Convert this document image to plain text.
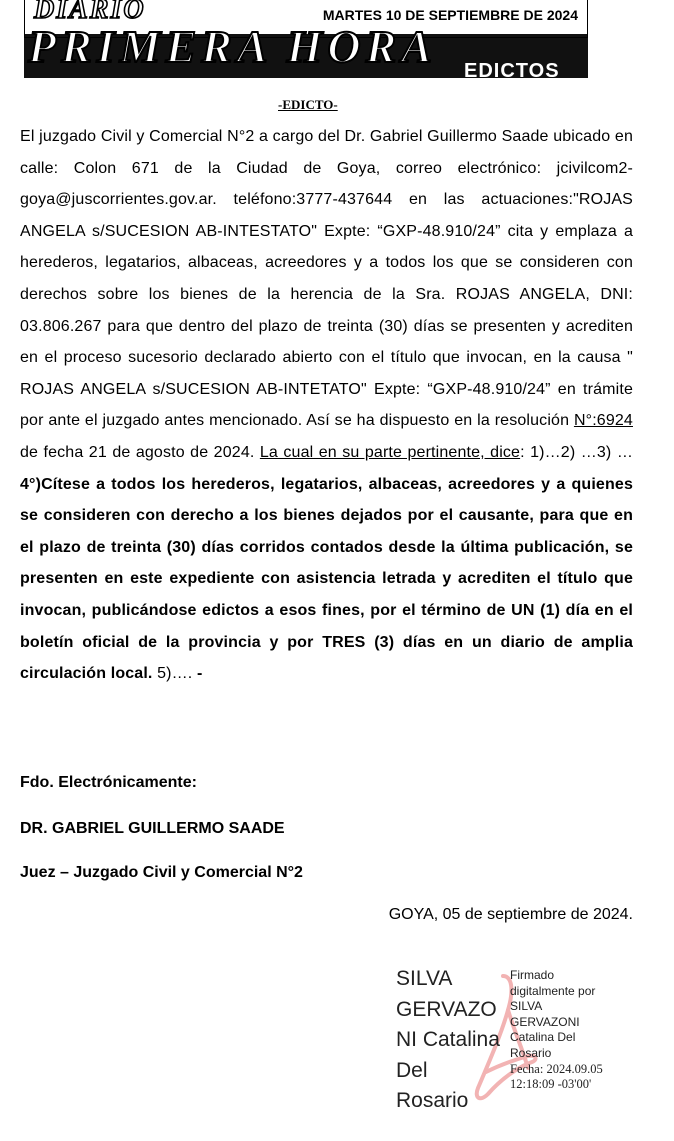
DIARIO	MARTES 10 DE SEPTIEMBRE DE 2024
PRIMERA HORA EDICTOS
-EDICTO-

El juzgado Civil y Comercial N°2 a cargo del Dr. Gabriel Guillermo Saade ubicado en calle: Colon 671 de la Ciudad de Goya, correo electrónico: jcivilcom2-goya@juscorrientes.gov.ar. teléfono:3777-437644 en las actuaciones:"ROJAS ANGELA s/SUCESION AB-INTESTATO" Expte: “GXP-48.910/24” cita y emplaza a herederos, legatarios, albaceas, acreedores y a todos los que se consideren con derechos sobre los bienes de la herencia de la Sra. ROJAS ANGELA, DNI: 03.806.267 para que dentro del plazo de treinta (30) días se presenten y acrediten en el proceso sucesorio declarado abierto con el título que invocan, en la causa " ROJAS ANGELA s/SUCESION AB-INTETATO" Expte: “GXP-48.910/24” en trámite por ante el juzgado antes mencionado. Así se ha dispuesto en la resolución N°:6924 de fecha 21 de agosto de 2024. La cual en su parte pertinente, dice: 1)…2) …3) … 4°)Cítese a todos los herederos, legatarios, albaceas, acreedores y a quienes se consideren con derecho a los bienes dejados por el causante, para que en el plazo de treinta (30) días corridos contados desde la última publicación, se presenten en este expediente con asistencia letrada y acrediten el título que invocan, publicándose edictos a esos fines, por el término de UN (1) día en el boletín oficial de la provincia y por TRES (3) días en un diario de amplia circulación local. 5)…. -

Fdo. Electrónicamente:
DR. GABRIEL GUILLERMO SAADE
Juez – Juzgado Civil y Comercial N°2
GOYA, 05 de septiembre de 2024.
SILVA
GERVAZO
NI Catalina
Del
Rosario
Firmado
digitalmente por
SILVA
GERVAZONI
Catalina Del
Rosario
Fecha: 2024.09.05
12:18:09 -03'00'
